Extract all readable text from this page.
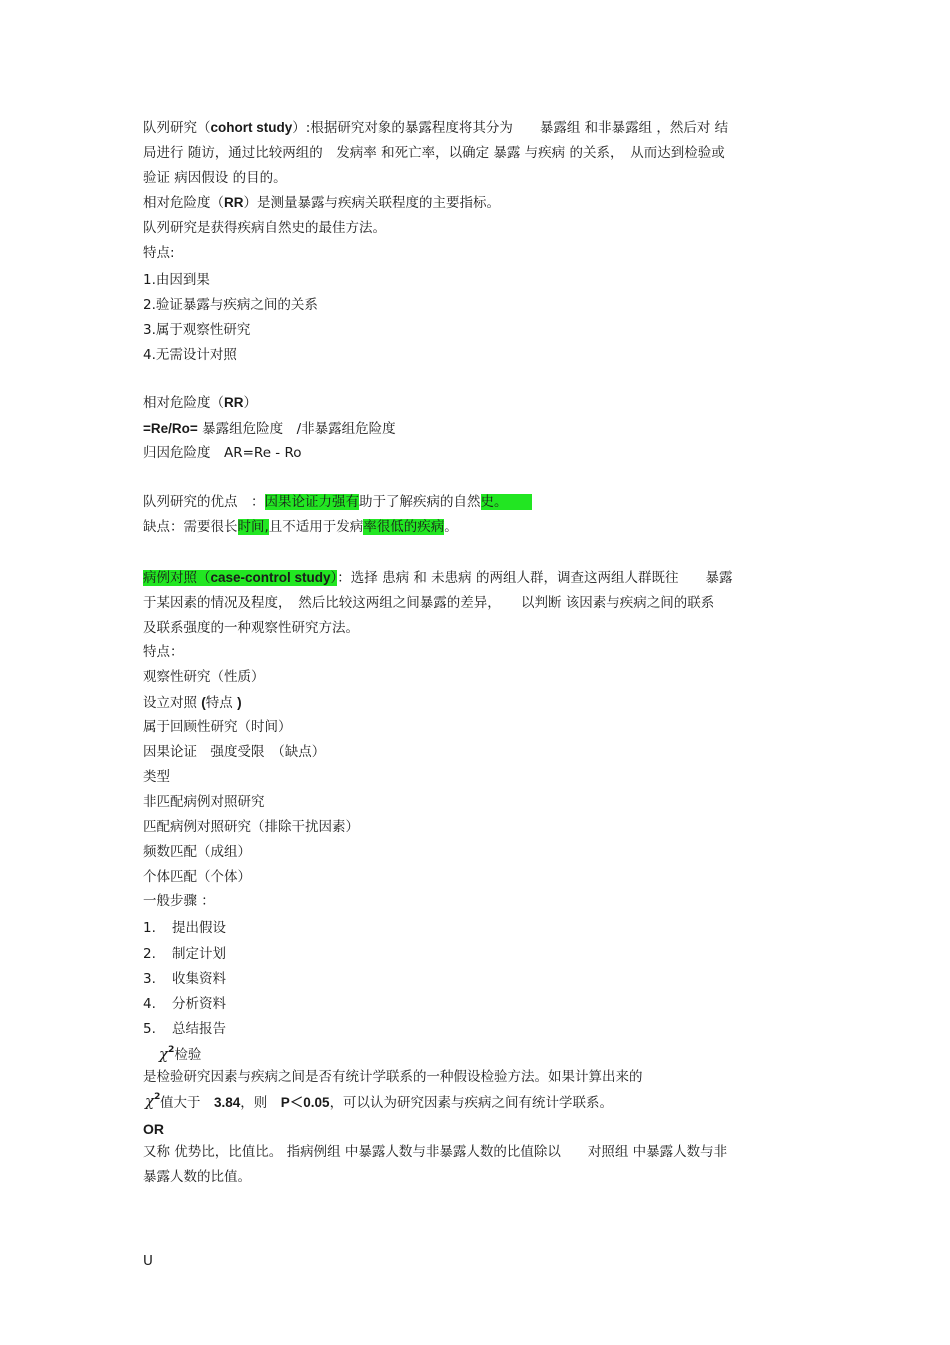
队列研究（cohort study）:根据研究对象的暴露程度将其分为　　暴露组 和非暴露组 ，然后对 结
局进行 随访，通过比较两组的　发病率 和死亡率，以确定 暴露 与疾病 的关系，　从而达到检验或
验证 病因假设 的目的。
相对危险度（RR）是测量暴露与疾病关联程度的主要指标。
队列研究是获得疾病自然史的最佳方法。
特点:
1.由因到果
2.验证暴露与疾病之间的关系
3.属于观察性研究
4.无需设计对照
相对危险度（RR）
=Re/Ro= 暴露组危险度　/非暴露组危险度
归因危险度　AR=Re - Ro
队列研究的优点　：因果论证力强有助于了解疾病的自然史。
缺点：需要很长时间,且不适用于发病率很低的疾病。
病例对照（case-control study）：选择 患病 和 未患病 的两组人群，调查这两组人群既往　　暴露
于某因素的情况及程度，　然后比较这两组之间暴露的差异，　　以判断 该因素与疾病之间的联系
及联系强度的一种观察性研究方法。
特点：
观察性研究（性质）
设立对照 (特点 )
属于回顾性研究（时间）
因果论证　强度受限　（缺点）
类型
非匹配病例对照研究
匹配病例对照研究（排除干扰因素）
频数匹配（成组）
个体匹配（个体）
一般步骤 ：
1. 提出假设
2. 制定计划
3. 收集资料
4. 分析资料
5. 总结报告
$\chi^2$检验
是检验研究因素与疾病之间是否有统计学联系的一种假设检验方法。如果计算出来的
$\chi^2$ 值大于　3.84，则　P＜0.05，可以认为研究因素与疾病之间有统计学联系。
OR
又称 优势比，比值比。 指病例组 中暴露人数与非暴露人数的比值除以　　对照组 中暴露人数与非
暴露人数的比值。
U
